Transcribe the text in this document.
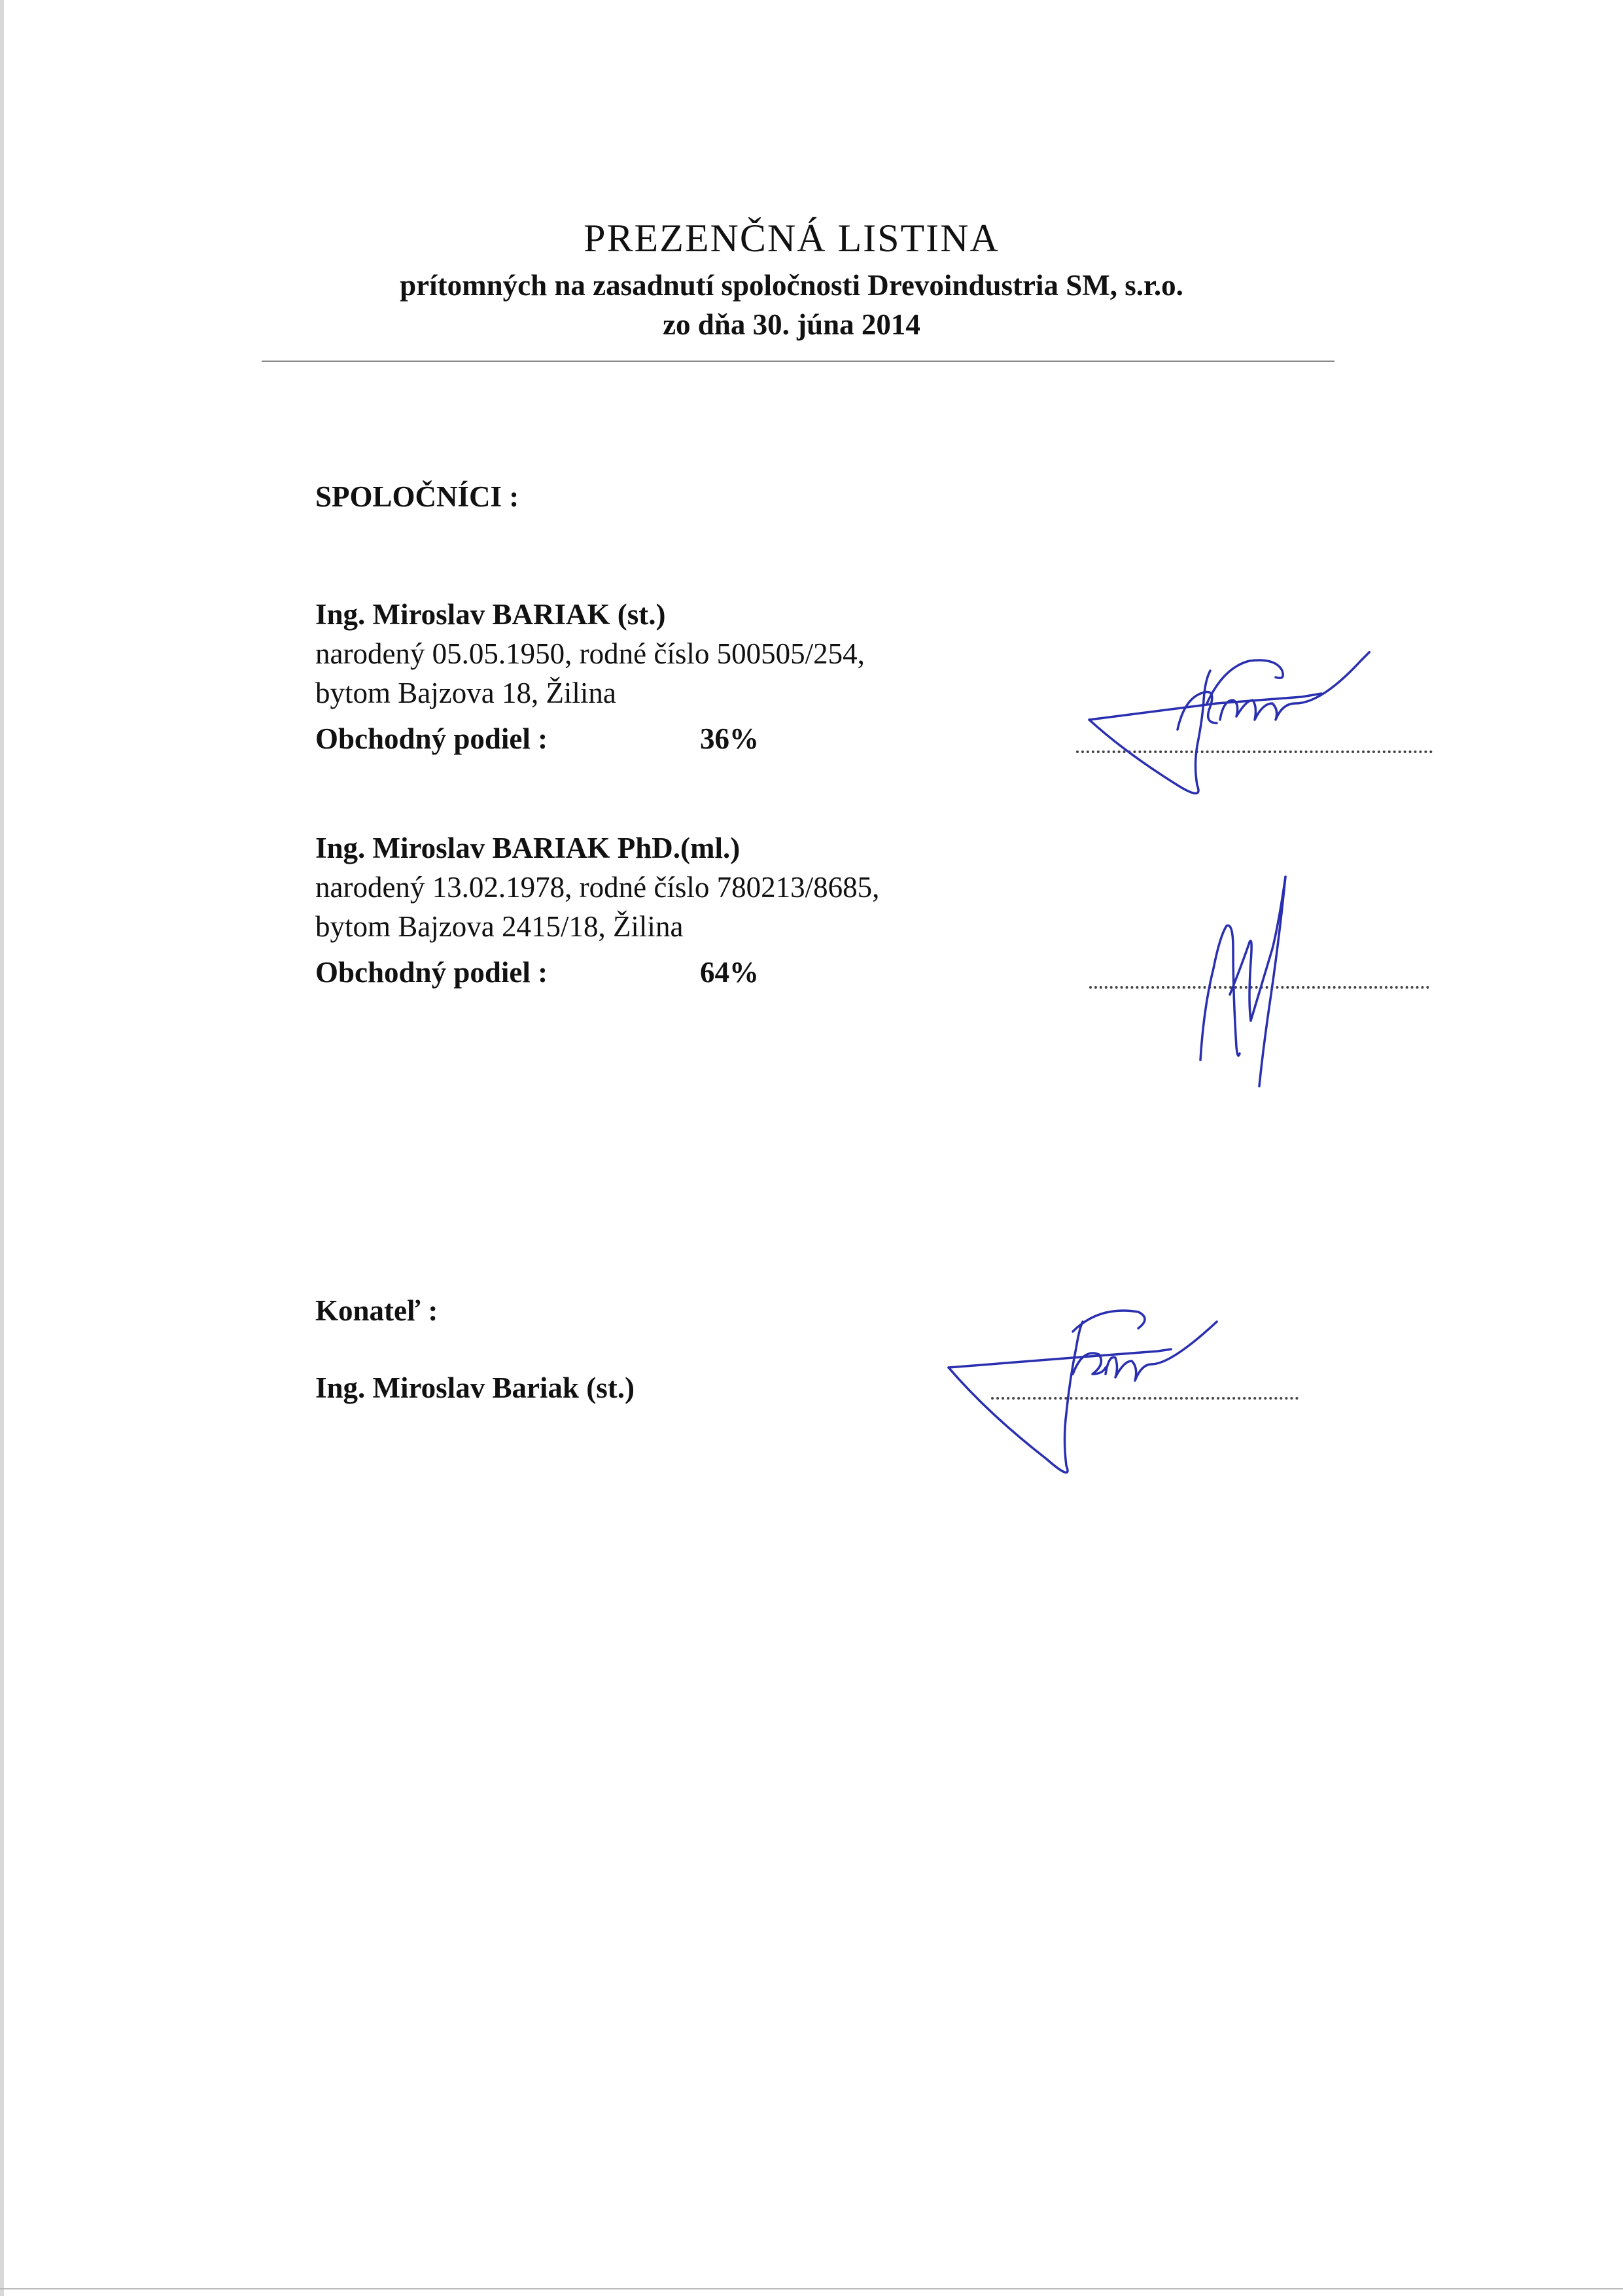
PREZENČNÁ LISTINA
prítomných na zasadnutí spoločnosti Drevoindustria SM, s.r.o.
zo dňa 30. júna 2014
SPOLOČNÍCI :
Ing. Miroslav BARIAK (st.)
narodený 05.05.1950, rodné číslo 500505/254,
bytom Bajzova 18, Žilina
Obchodný podiel :	36%
Ing. Miroslav BARIAK PhD.(ml.)
narodený 13.02.1978, rodné číslo 780213/8685,
bytom Bajzova 2415/18, Žilina
Obchodný podiel :	64%
Konateľ :
Ing. Miroslav Bariak (st.)
